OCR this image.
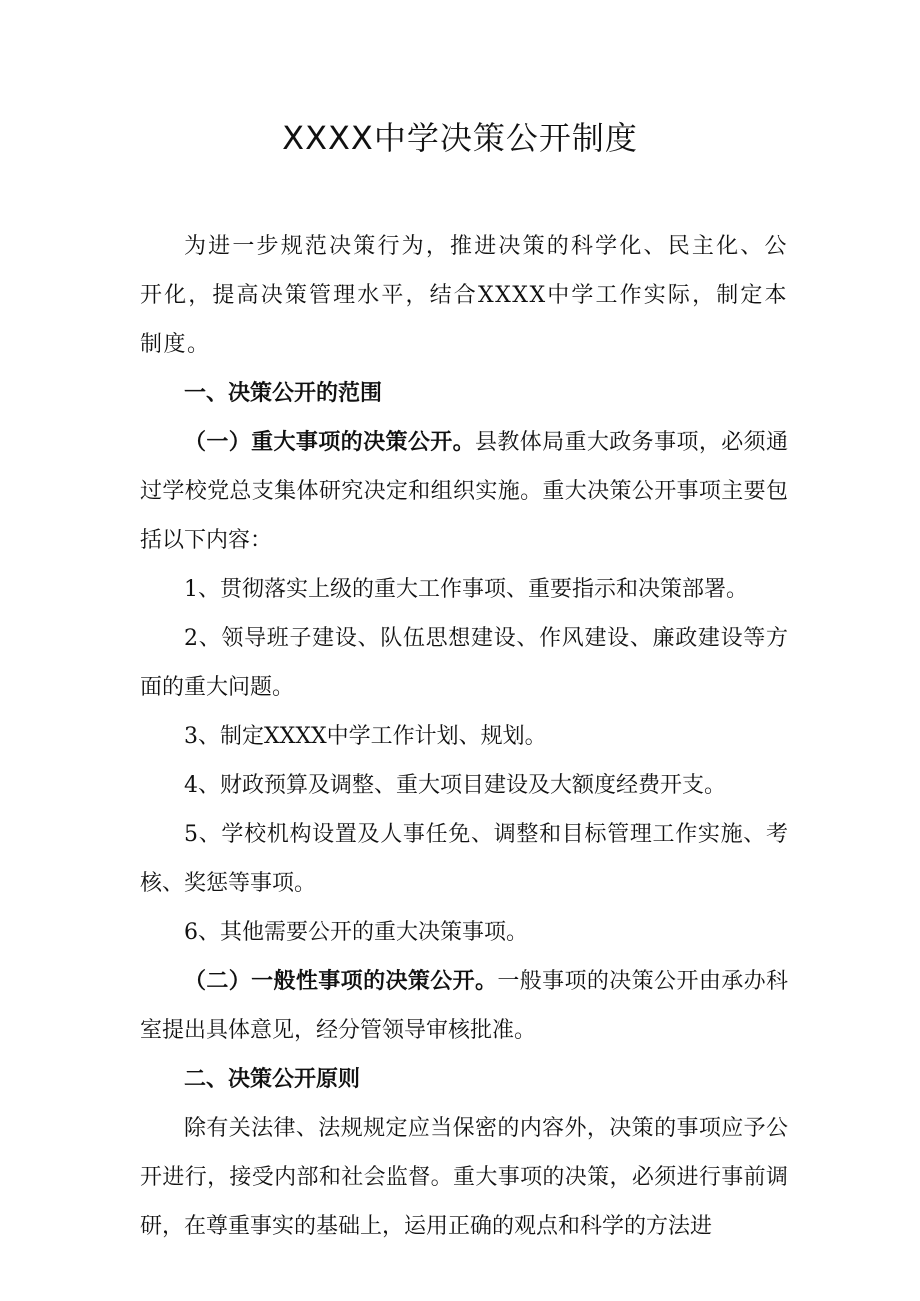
XXXX中学决策公开制度

为进一步规范决策行为，推进决策的科学化、民主化、公开化，提高决策管理水平，结合XXXX中学工作实际，制定本制度。

一、决策公开的范围

（一）重大事项的决策公开。县教体局重大政务事项，必须通过学校党总支集体研究决定和组织实施。重大决策公开事项主要包括以下内容：

1、贯彻落实上级的重大工作事项、重要指示和决策部署。

2、领导班子建设、队伍思想建设、作风建设、廉政建设等方面的重大问题。

3、制定XXXX中学工作计划、规划。

4、财政预算及调整、重大项目建设及大额度经费开支。

5、学校机构设置及人事任免、调整和目标管理工作实施、考核、奖惩等事项。

6、其他需要公开的重大决策事项。

（二）一般性事项的决策公开。一般事项的决策公开由承办科室提出具体意见，经分管领导审核批准。

二、决策公开原则

除有关法律、法规规定应当保密的内容外，决策的事项应予公开进行，接受内部和社会监督。重大事项的决策，必须进行事前调研，在尊重事实的基础上，运用正确的观点和科学的方法进
